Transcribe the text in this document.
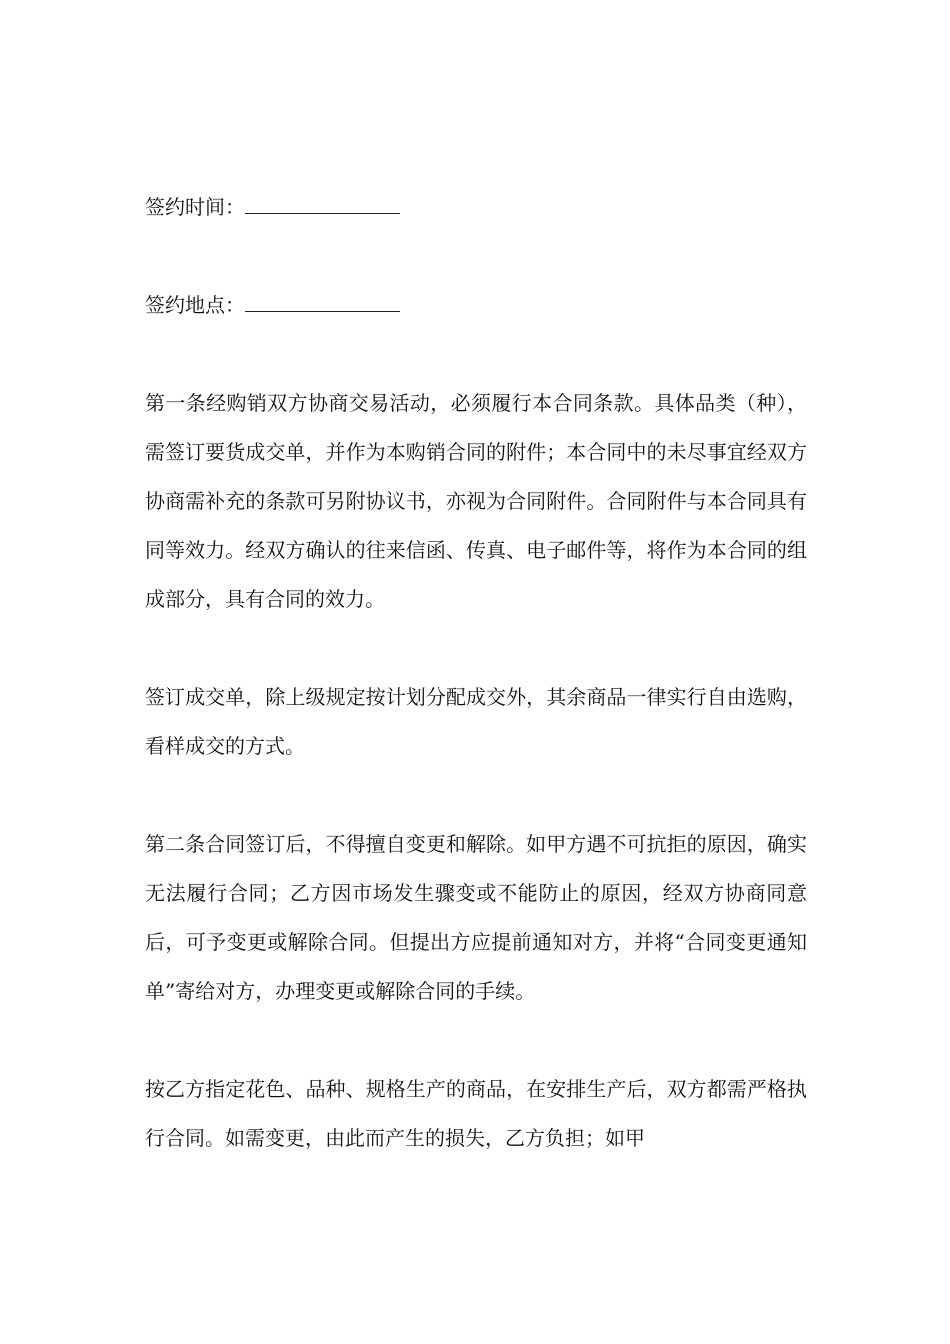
签约时间：
签约地点：

第一条经购销双方协商交易活动，必须履行本合同条款。具体品类（种），需签订要货成交单，并作为本购销合同的附件；本合同中的未尽事宜经双方协商需补充的条款可另附协议书，亦视为合同附件。合同附件与本合同具有同等效力。经双方确认的往来信函、传真、电子邮件等，将作为本合同的组成部分，具有合同的效力。

签订成交单，除上级规定按计划分配成交外，其余商品一律实行自由选购，看样成交的方式。

第二条合同签订后，不得擅自变更和解除。如甲方遇不可抗拒的原因，确实无法履行合同；乙方因市场发生骤变或不能防止的原因，经双方协商同意后，可予变更或解除合同。但提出方应提前通知对方，并将“合同变更通知单”寄给对方，办理变更或解除合同的手续。

按乙方指定花色、品种、规格生产的商品，在安排生产后，双方都需严格执行合同。如需变更，由此而产生的损失，乙方负担；如甲
